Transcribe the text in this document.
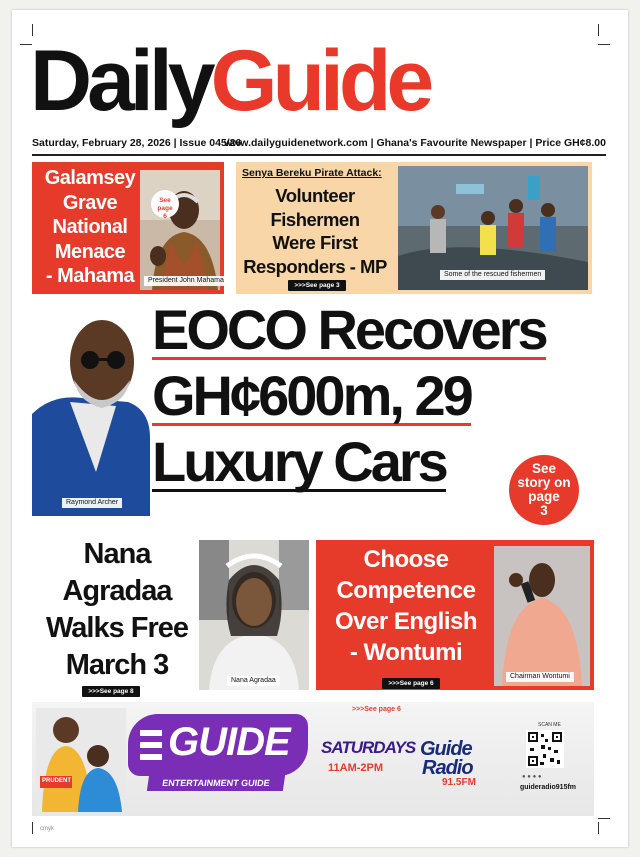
DailyGuide
Saturday, February 28, 2026 | Issue 045/26
www.dailyguidenetwork.com | Ghana's Favourite Newspaper | Price GH¢8.00
Galamsey
Grave
National
Menace
- Mahama
See
page
6
President John Mahama
Senya Bereku Pirate Attack:
Volunteer
Fishermen
Were First
Responders - MP
>>>See page 3
Some of the rescued fishermen
Raymond Archer
EOCO Recovers
GH¢600m, 29
Luxury Cars	See
story on
page
3
Nana
Agradaa
Walks Free
March 3
>>>See page 8
Nana Agradaa
Choose
Competence
Over English
- Wontumi
>>>See page 6
Chairman Wontumi
>>>See page 6
PRUDENT
GUIDE
ENTERTAINMENT GUIDE
SATURDAYS
11AM-2PM
Guide
Radio
91.5FM
SCAN ME
● ● ● ●
guideradio915fm
cmyk
